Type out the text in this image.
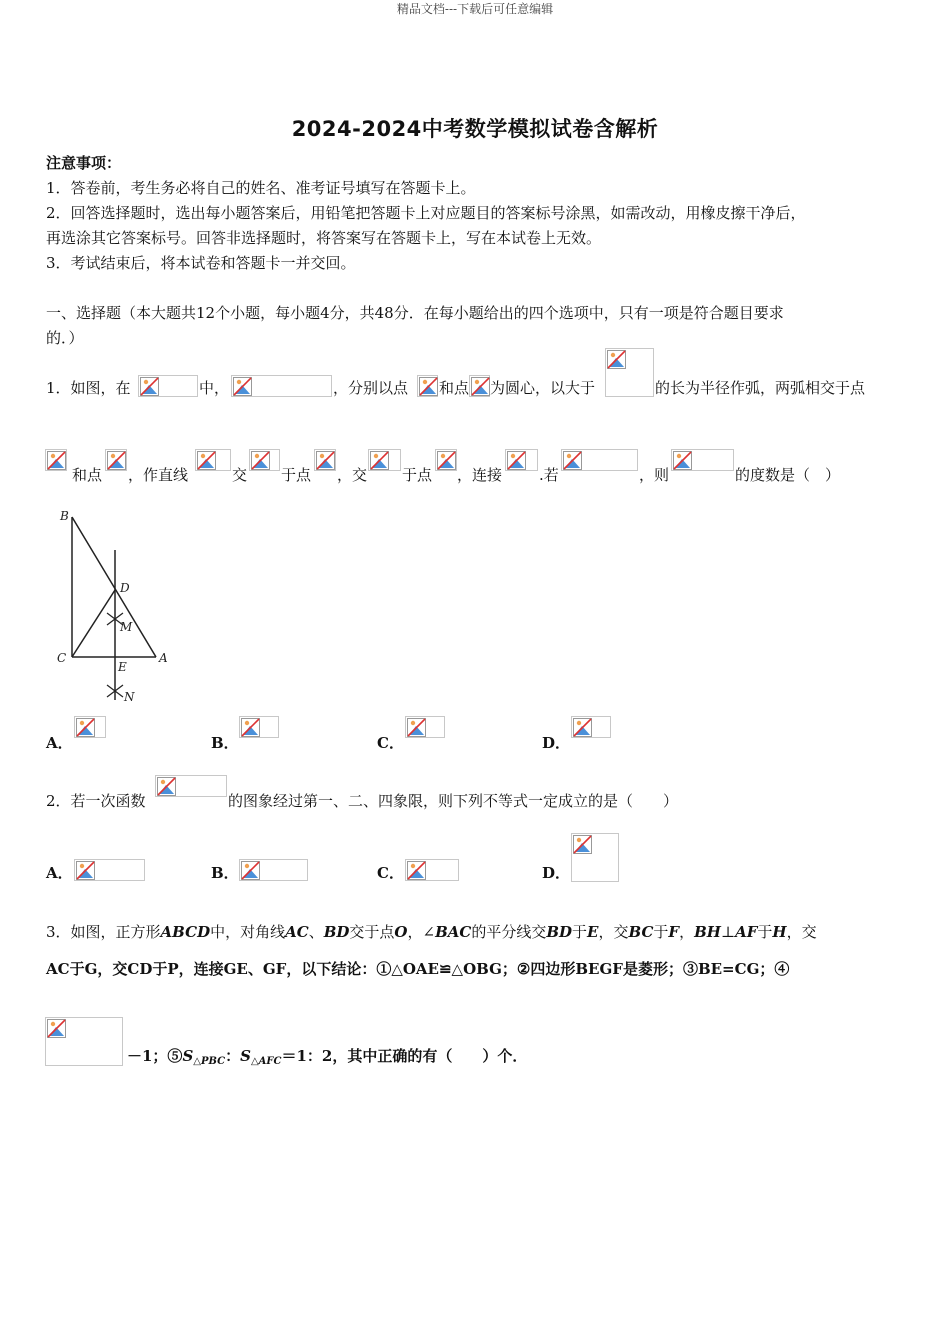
精品文档---下载后可任意编辑
2024-2024中考数学模拟试卷含解析
注意事项：
1．答卷前，考生务必将自己的姓名、准考证号填写在答题卡上。
2．回答选择题时，选出每小题答案后，用铅笔把答题卡上对应题目的答案标号涂黑，如需改动，用橡皮擦干净后，
再选涂其它答案标号。回答非选择题时，将答案写在答题卡上，写在本试卷上无效。
3．考试结束后，将本试卷和答题卡一并交回。
一、选择题（本大题共12个小题，每小题4分，共48分．在每小题给出的四个选项中，只有一项是符合题目要求
的．）
1．如图，在	中，	，分别以点 和点 为圆心，以大于	的长为半径作弧，两弧相交于点
和点 ，作直线	交 于点 ，交 于点 ，连接 .若	，则	的度数是（　）
B
D
M
C
E
A
N
A．	B．	C．	D．
2．若一次函数	的图象经过第一、二、四象限，则下列不等式一定成立的是（　　）
A．	B．	C．	D．
3．如图，正方形ABCD中，对角线AC、BD交于点O，∠BAC的平分线交BD于E，交BC于F，BH⊥AF于H，交
AC于G，交CD于P，连接GE、GF，以下结论：①△OAE≌△OBG；②四边形BEGF是菱形；③BE=CG；④
－1；$⑤S_{\triangle PBC}$：$S_{\triangle AFC}=1$：2，其中正确的有（　　）个．
